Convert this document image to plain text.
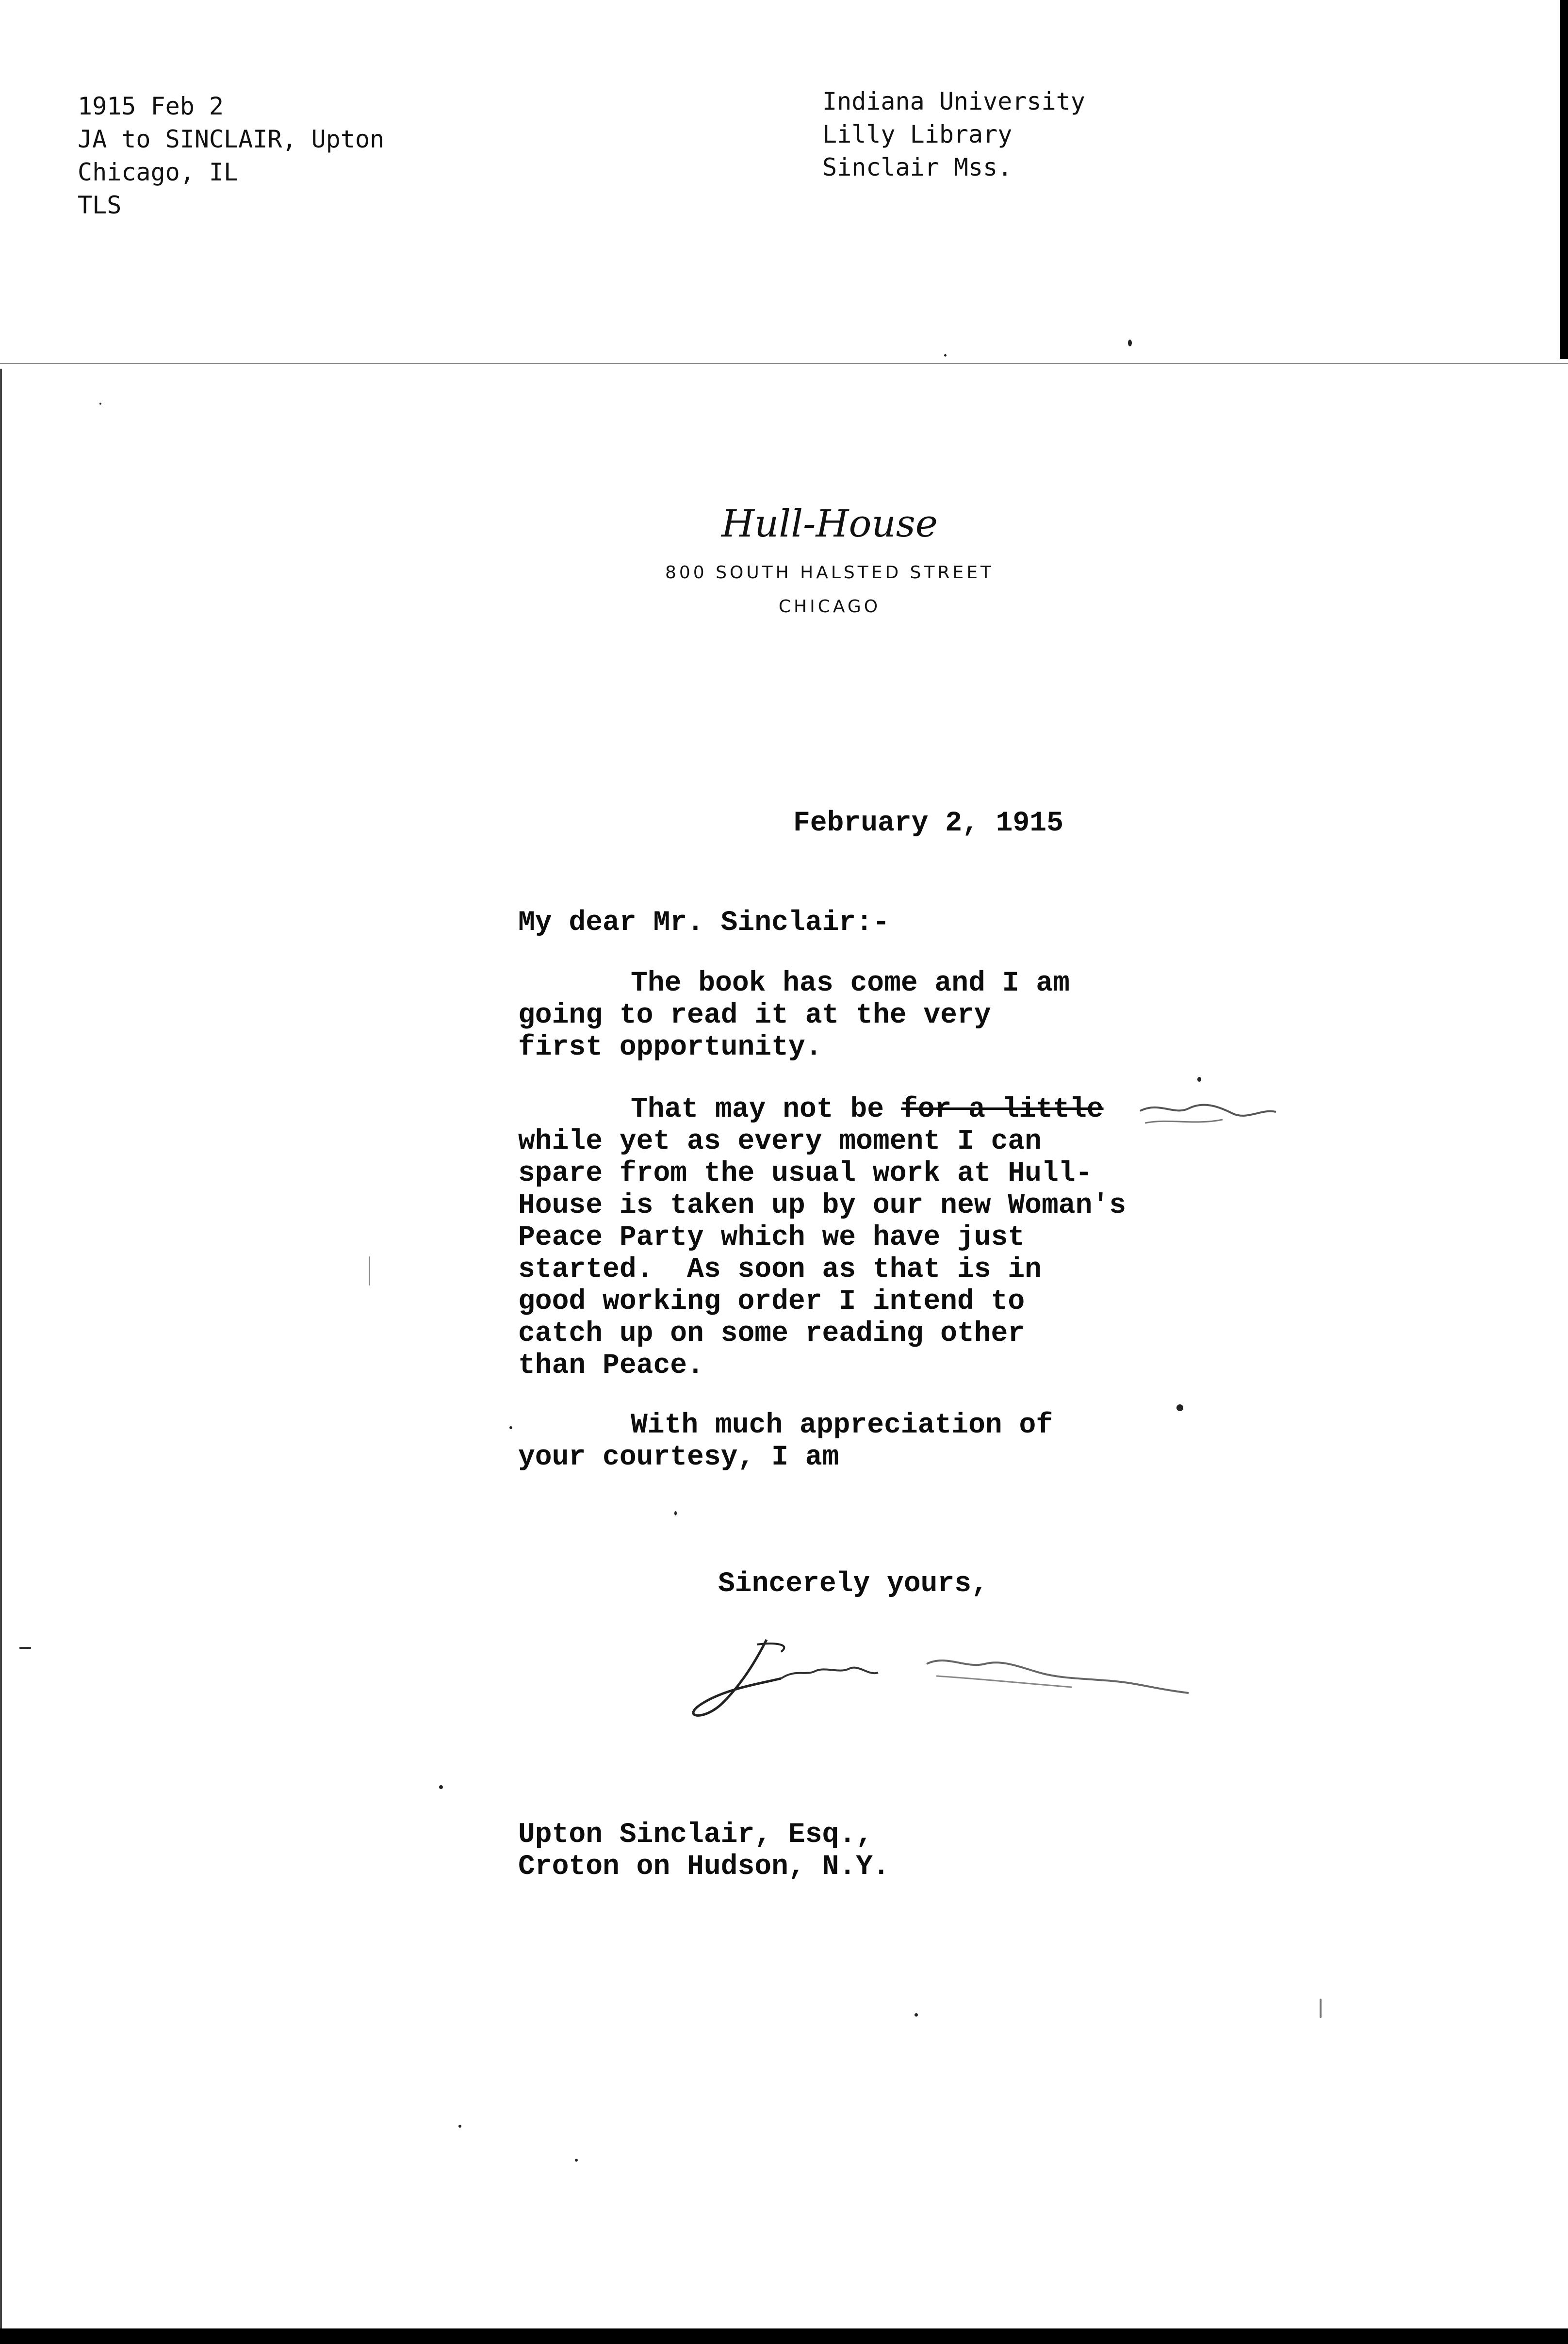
1915 Feb 2
JA to SINCLAIR, Upton
Chicago, IL
TLS
Indiana University
Lilly Library
Sinclair Mss.
Hull-House
800 SOUTH HALSTED STREET
CHICAGO
February 2, 1915
My dear Mr. Sinclair:-
The book has come and I am
going to read it at the very
first opportunity.
That may not be for a little
while yet as every moment I can
spare from the usual work at Hull-
House is taken up by our new Woman's
Peace Party which we have just
started.  As soon as that is in
good working order I intend to
catch up on some reading other
than Peace.
With much appreciation of
your courtesy, I am
Sincerely yours,
Upton Sinclair, Esq.,
Croton on Hudson, N.Y.
